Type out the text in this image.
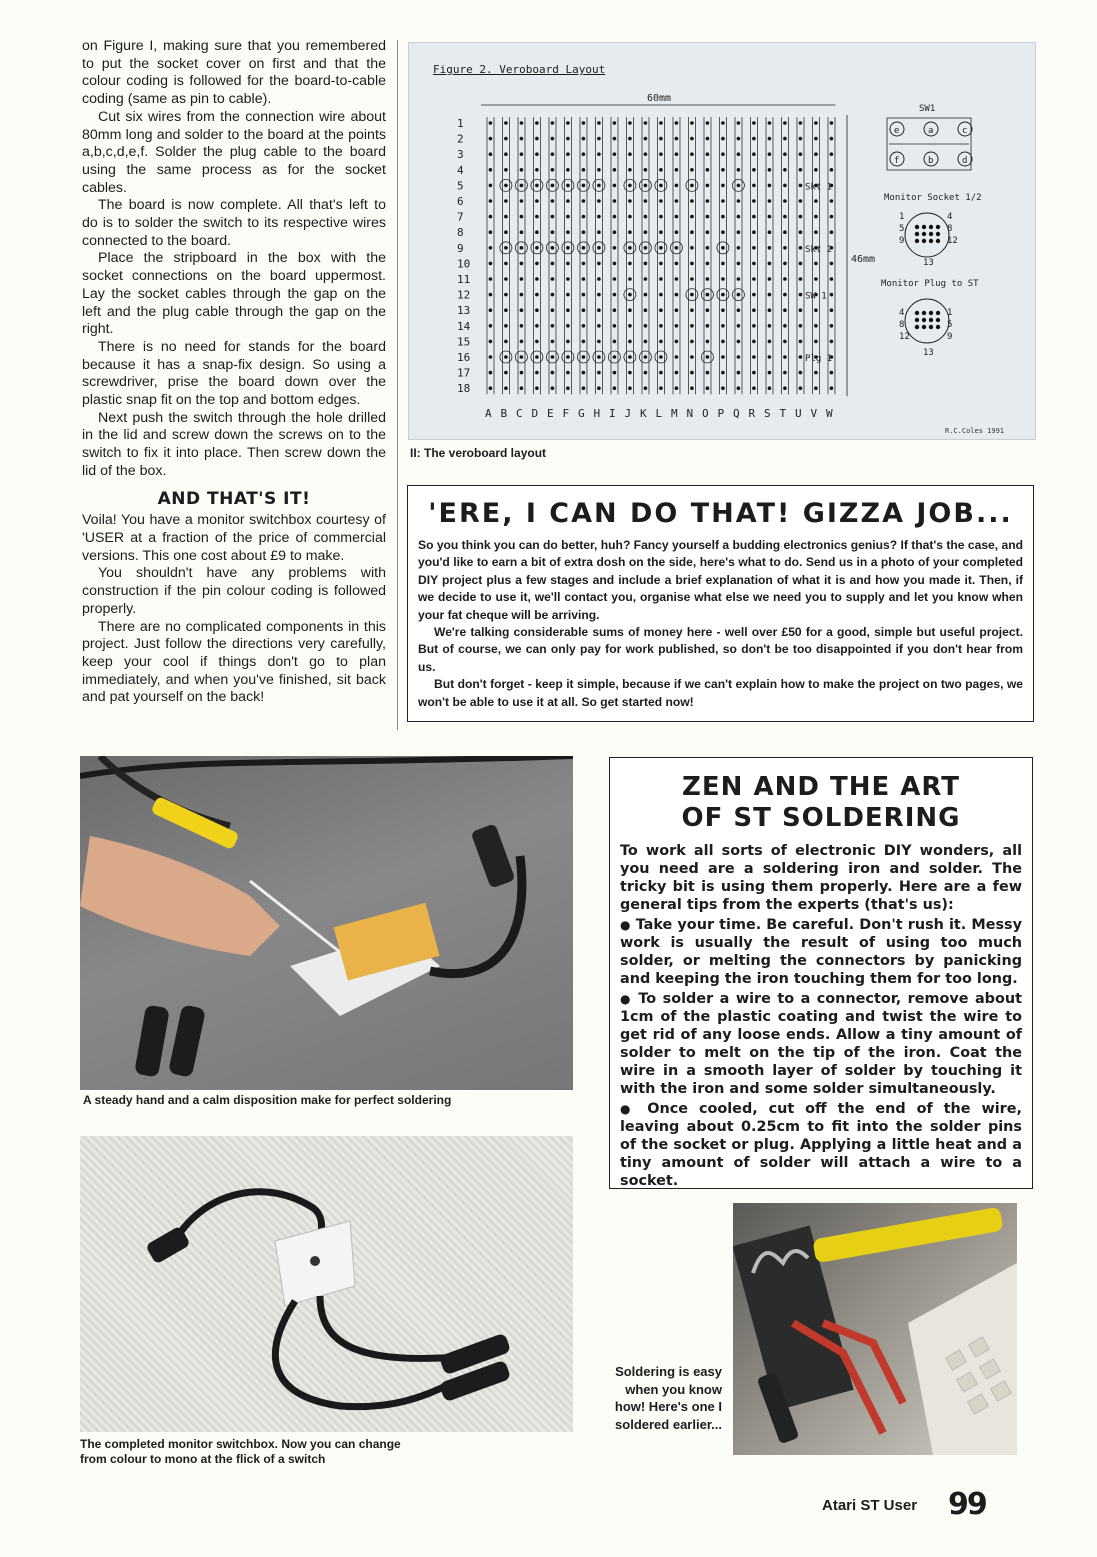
on Figure I, making sure that you remembered to put the socket cover on first and that the colour coding is followed for the board-to-cable coding (same as pin to cable).

Cut six wires from the connection wire about 80mm long and solder to the board at the points a,b,c,d,e,f. Solder the plug cable to the board using the same process as for the socket cables.

The board is now complete. All that's left to do is to solder the switch to its respective wires connected to the board.

Place the stripboard in the box with the socket connections on the board uppermost. Lay the socket cables through the gap on the left and the plug cable through the gap on the right.

There is no need for stands for the board because it has a snap-fix design. So using a screwdriver, prise the board down over the plastic snap fit on the top and bottom edges.

Next push the switch through the hole drilled in the lid and screw down the screws on to the switch to fix it into place. Then screw down the lid of the box.

AND THAT'S IT!

Voila! You have a monitor switchbox courtesy of 'USER at a fraction of the price of commercial versions. This one cost about £9 to make.

You shouldn't have any problems with construction if the pin colour coding is followed properly.

There are no complicated components in this project. Just follow the directions very carefully, keep your cool if things don't go to plan immediately, and when you've finished, sit back and pat yourself on the back!

Figure 2. Veroboard Layout
1
2
3
4
5
6
7
8
9
10
11
12
13
14
15
16
17
18
A B C D E F G H I J K L M N O P Q R S T U V W
60mm
46mm
Skt 1
Skt 2
SW 1
Plg 1
SW1
e	a	c
f	b	d
Monitor Socket 1/2
1	4
5	8
9	12
13
Monitor Plug to ST
4	1
8	5
12	9
13
R.C.Coles 1991
II: The veroboard layout
'ERE, I CAN DO THAT! GIZZA JOB...

So you think you can do better, huh? Fancy yourself a budding electronics genius? If that's the case, and you'd like to earn a bit of extra dosh on the side, here's what to do. Send us in a photo of your completed DIY project plus a few stages and include a brief explanation of what it is and how you made it. Then, if we decide to use it, we'll contact you, organise what else we need you to supply and let you know when your fat cheque will be arriving.

We're talking considerable sums of money here - well over £50 for a good, simple but useful project. But of course, we can only pay for work published, so don't be too disappointed if you don't hear from us.

But don't forget - keep it simple, because if we can't explain how to make the project on two pages, we won't be able to use it at all. So get started now!

A steady hand and a calm disposition make for perfect soldering
The completed monitor switchbox. Now you can change from colour to mono at the flick of a switch
ZEN AND THE ART
OF ST SOLDERING

To work all sorts of electronic DIY wonders, all you need are a soldering iron and solder. The tricky bit is using them properly. Here are a few general tips from the experts (that's us):

● Take your time. Be careful. Don't rush it. Messy work is usually the result of using too much solder, or melting the connectors by panicking and keeping the iron touching them for too long.

● To solder a wire to a connector, remove about 1cm of the plastic coating and twist the wire to get rid of any loose ends. Allow a tiny amount of solder to melt on the tip of the iron. Coat the wire in a smooth layer of solder by touching it with the iron and some solder simultaneously.

● Once cooled, cut off the end of the wire, leaving about 0.25cm to fit into the solder pins of the socket or plug. Applying a little heat and a tiny amount of solder will attach a wire to a socket.

Soldering is easy when you know how! Here's one I soldered earlier...
Atari ST User 99
